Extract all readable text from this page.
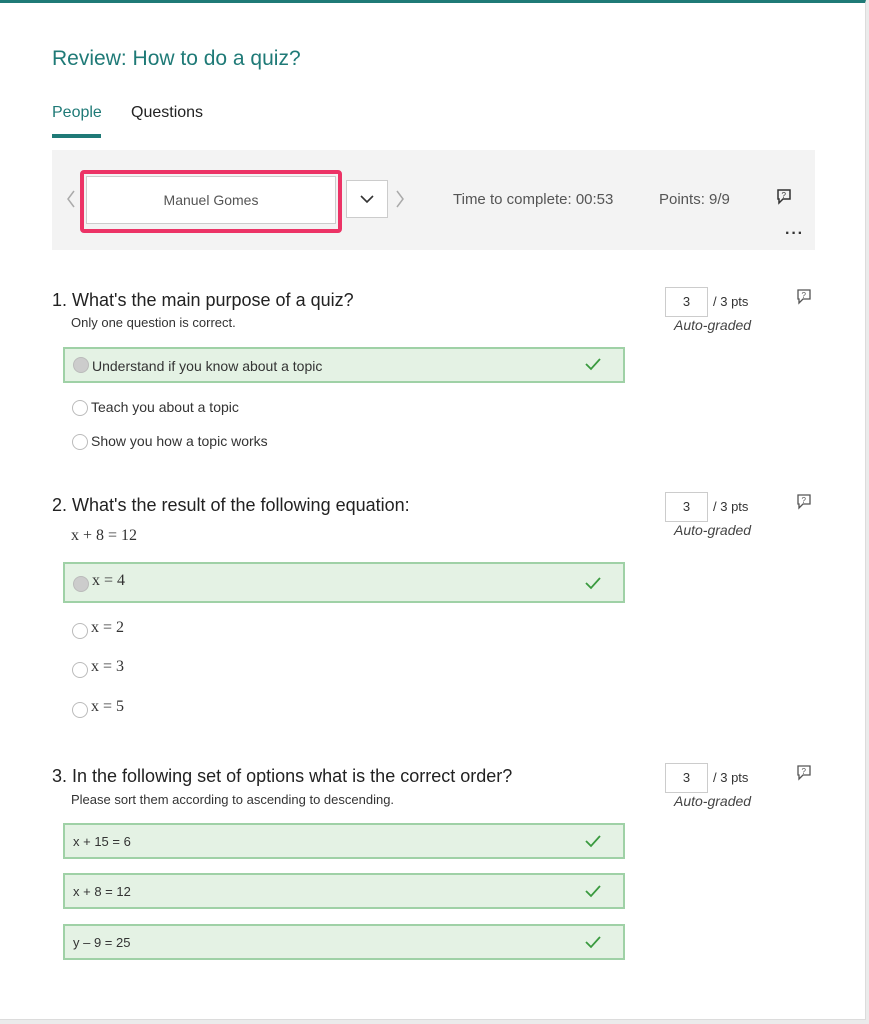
Review: How to do a quiz?
People Questions
Manuel Gomes	Time to complete: 00:53	Points: 9/9	?
···
1. What's the main purpose of a quiz?
Only one question is correct.
3	/ 3 pts
Auto-graded
?
Understand if you know about a topic
Teach you about a topic
Show you how a topic works
2. What's the result of the following equation:
x + 8 = 12
3	/ 3 pts
Auto-graded
?
x = 4
x = 2
x = 3
x = 5
3. In the following set of options what is the correct order?
Please sort them according to ascending to descending.
3	/ 3 pts
Auto-graded
?
x + 15 = 6
x + 8 = 12
y – 9 = 25
